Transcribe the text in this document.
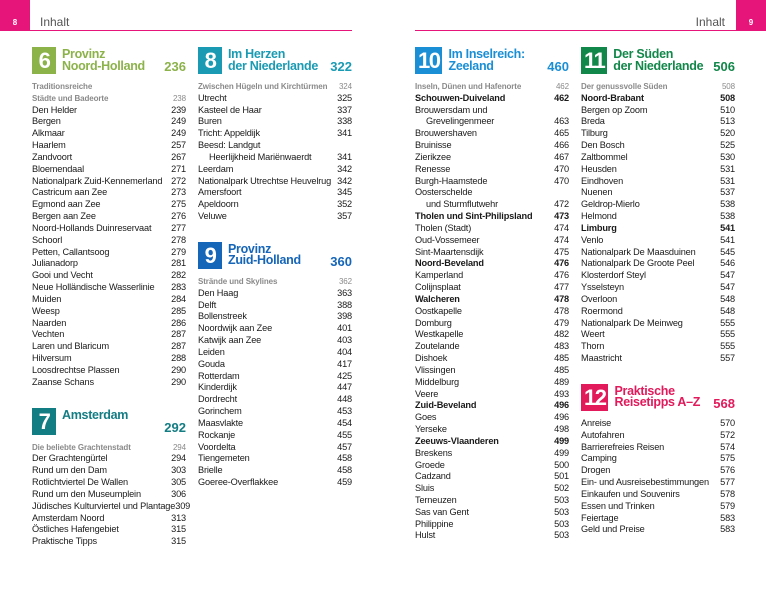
8 Inhalt	Inhalt	9
6	Provinz
Noord-Holland 236
Traditionsreiche
Städte und Badeorte	238
Den Helder	239
Bergen	249
Alkmaar	249
Haarlem	257
Zandvoort	267
Bloemendaal	271
Nationalpark Zuid-Kennemerland 272
Castricum aan Zee	273
Egmond aan Zee	275
Bergen aan Zee	276
Noord-Hollands Duinreservaat 277
Schoorl	278
Petten, Callantsoog	279
Julianadorp	281
Gooi und Vecht	282
Neue Holländische Wasserlinie 283
Muiden	284
Weesp	285
Naarden	286
Vechten	287
Laren und Blaricum	287
Hilversum	288
Loosdrechtse Plassen	290
Zaanse Schans	290
7	Amsterdam
292
Die beliebte Grachtenstadt	294
Der Grachtengürtel	294
Rund um den Dam	303
Rotlichtviertel De Wallen	305
Rund um den Museumplein	306
Jüdisches Kulturviertel und Plantage 309
Amsterdam Noord	313
Östliches Hafengebiet	315
Praktische Tipps	315
8	Im Herzen
der Niederlande 322
Zwischen Hügeln und Kirchtürmen 324
Utrecht	325
Kasteel de Haar	337
Buren	338
Tricht: Appeldijk	341
Beesd: Landgut
Heerlijkheid Mariënwaerdt	341
Leerdam	342
Nationalpark Utrechtse Heuvelrug 342
Amersfoort	345
Apeldoorn	352
Veluwe	357
9	Provinz
Zuid-Holland 360
Strände und Skylines	362
Den Haag	363
Delft	388
Bollenstreek	398
Noordwijk aan Zee	401
Katwijk aan Zee	403
Leiden	404
Gouda	417
Rotterdam	425
Kinderdijk	447
Dordrecht	448
Gorinchem	453
Maasvlakte	454
Rockanje	455
Voordelta	457
Tiengemeten	458
Brielle	458
Goeree-Overflakkee	459
10 Im Inselreich:
Zeeland	460
Inseln, Dünen und Hafenorte	462
Schouwen-Duiveland	462
Brouwersdam und
Grevelingenmeer	463
Brouwershaven	465
Bruinisse	466
Zierikzee	467
Renesse	470
Burgh-Haamstede	470
Oosterschelde
und Sturmflutwehr	472
Tholen und Sint-Philipsland 473
Tholen (Stadt)	474
Oud-Vossemeer	474
Sint-Maartensdijk	475
Noord-Beveland	476
Kamperland	476
Colijnsplaat	477
Walcheren	478
Oostkapelle	478
Domburg	479
Westkapelle	482
Zoutelande	483
Dishoek	485
Vlissingen	485
Middelburg	489
Veere	493
Zuid-Beveland	496
Goes	496
Yerseke	498
Zeeuws-Vlaanderen	499
Breskens	499
Groede	500
Cadzand	501
Sluis	502
Terneuzen	503
Sas van Gent	503
Philippine	503
Hulst	503
11 Der Süden
der Niederlande 506
Der genussvolle Süden	508
Noord-Brabant	508
Bergen op Zoom	510
Breda	513
Tilburg	520
Den Bosch	525
Zaltbommel	530
Heusden	531
Eindhoven	531
Nuenen	537
Geldrop-Mierlo	538
Helmond	538
Limburg	541
Venlo	541
Nationalpark De Maasduinen	545
Nationalpark De Groote Peel	546
Klosterdorf Steyl	547
Ysselsteyn	547
Overloon	548
Roermond	548
Nationalpark De Meinweg	555
Weert	555
Thorn	555
Maastricht	557
12 Praktische
Reisetipps A–Z 568
Anreise	570
Autofahren	572
Barrierefreies Reisen	574
Camping	575
Drogen	576
Ein- und Ausreisebestimmungen 577
Einkaufen und Souvenirs	578
Essen und Trinken	579
Feiertage	583
Geld und Preise	583
